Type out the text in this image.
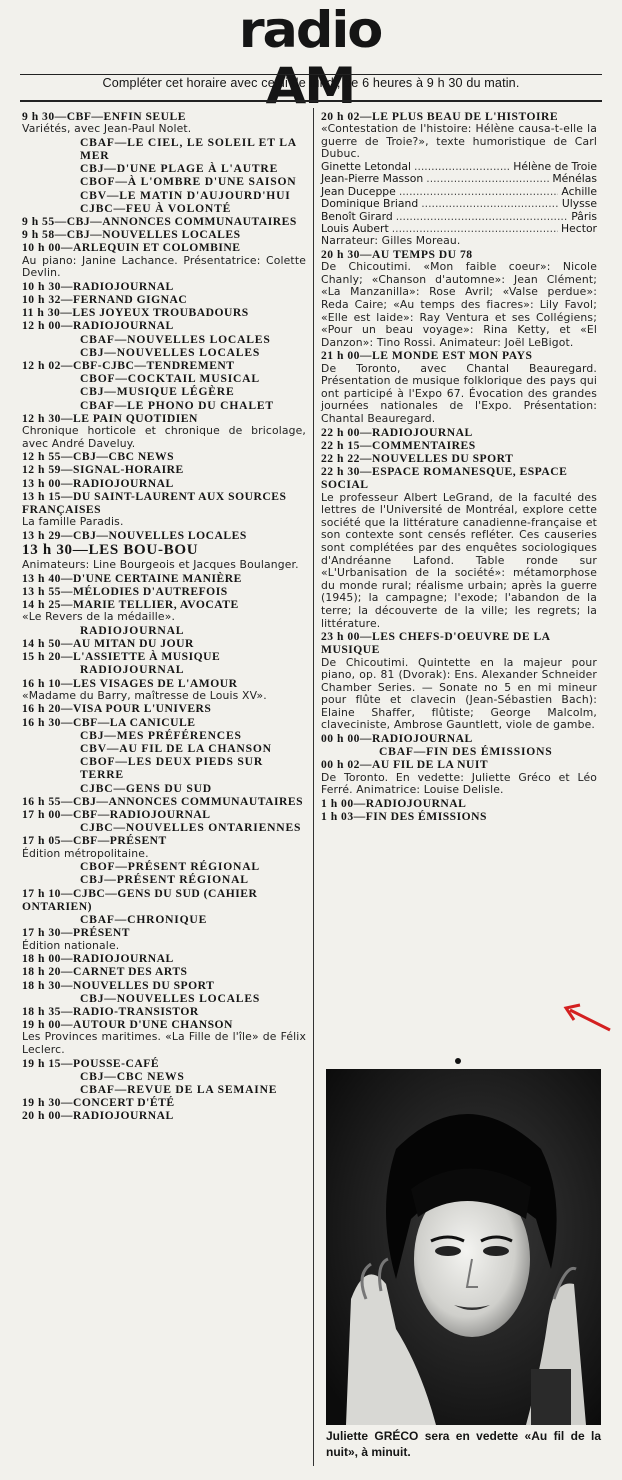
radio AM
Compléter cet horaire avec celui de lundi, de 6 heures à 9 h 30 du matin.
9 h 30—CBF—ENFIN SEULE
Variétés, avec Jean-Paul Nolet.
CBAF—LE CIEL, LE SOLEIL ET LA MER
CBJ—D'UNE PLAGE À L'AUTRE
CBOF—À L'OMBRE D'UNE SAISON
CBV—LE MATIN D'AUJOURD'HUI
CJBC—FEU À VOLONTÉ
9 h 55—CBJ—ANNONCES COMMUNAUTAIRES
9 h 58—CBJ—NOUVELLES LOCALES
10 h 00—ARLEQUIN ET COLOMBINE
Au piano: Janine Lachance. Présentatrice: Colette Devlin.
10 h 30—RADIOJOURNAL
10 h 32—FERNAND GIGNAC
11 h 30—LES JOYEUX TROUBADOURS
12 h 00—RADIOJOURNAL
CBAF—NOUVELLES LOCALES
CBJ—NOUVELLES LOCALES
12 h 02—CBF-CJBC—TENDREMENT
CBOF—COCKTAIL MUSICAL
CBJ—MUSIQUE LÉGÈRE
CBAF—LE PHONO DU CHALET
12 h 30—LE PAIN QUOTIDIEN
Chronique horticole et chronique de bricolage, avec André Daveluy.
12 h 55—CBJ—CBC NEWS
12 h 59—SIGNAL-HORAIRE
13 h 00—RADIOJOURNAL
13 h 15—DU SAINT-LAURENT AUX SOURCES FRANÇAISES
La famille Paradis.
13 h 29—CBJ—NOUVELLES LOCALES
13 h 30—LES BOU-BOU
Animateurs: Line Bourgeois et Jacques Boulanger.
13 h 40—D'UNE CERTAINE MANIÈRE
13 h 55—MÉLODIES D'AUTREFOIS
14 h 25—MARIE TELLIER, AVOCATE
«Le Revers de la médaille».
RADIOJOURNAL
14 h 50—AU MITAN DU JOUR
15 h 20—L'ASSIETTE À MUSIQUE
RADIOJOURNAL
16 h 10—LES VISAGES DE L'AMOUR
«Madame du Barry, maîtresse de Louis XV».
16 h 20—VISA POUR L'UNIVERS
16 h 30—CBF—LA CANICULE
CBJ—MES PRÉFÉRENCES
CBV—AU FIL DE LA CHANSON
CBOF—LES DEUX PIEDS SUR TERRE
CJBC—GENS DU SUD
16 h 55—CBJ—ANNONCES COMMUNAUTAIRES
17 h 00—CBF—RADIOJOURNAL
CJBC—NOUVELLES ONTARIENNES
17 h 05—CBF—PRÉSENT
Édition métropolitaine.
CBOF—PRÉSENT RÉGIONAL
CBJ—PRÉSENT RÉGIONAL
17 h 10—CJBC—GENS DU SUD (CAHIER ONTARIEN)
CBAF—CHRONIQUE
17 h 30—PRÉSENT
Édition nationale.
18 h 00—RADIOJOURNAL
18 h 20—CARNET DES ARTS
18 h 30—NOUVELLES DU SPORT
CBJ—NOUVELLES LOCALES
18 h 35—RADIO-TRANSISTOR
19 h 00—AUTOUR D'UNE CHANSON
Les Provinces maritimes. «La Fille de l'île» de Félix Leclerc.
19 h 15—POUSSE-CAFÉ
CBJ—CBC NEWS
CBAF—REVUE DE LA SEMAINE
19 h 30—CONCERT D'ÉTÉ
20 h 00—RADIOJOURNAL
20 h 02—LE PLUS BEAU DE L'HISTOIRE
«Contestation de l'histoire: Hélène causa-t-elle la guerre de Troie?», texte humoristique de Carl Dubuc.
Ginette Letondal .....	Hélène de Troie
Jean-Pierre Masson .....	Ménélas
Jean Duceppe .....	Achille
Dominique Briand .....	Ulysse
Benoît Girard .....	Pâris
Louis Aubert .....	Hector
Narrateur: Gilles Moreau.
20 h 30—AU TEMPS DU 78
De Chicoutimi. «Mon faible coeur»: Nicole Chanly; «Chanson d'automne»: Jean Clément; «La Manzanilla»: Rose Avril; «Valse perdue»: Reda Caire; «Au temps des fiacres»: Lily Favol; «Elle est laide»: Ray Ventura et ses Collégiens; «Pour un beau voyage»: Rina Ketty, et «El Danzon»: Tino Rossi. Animateur: Joël LeBigot.
21 h 00—LE MONDE EST MON PAYS
De Toronto, avec Chantal Beauregard. Présentation de musique folklorique des pays qui ont participé à l'Expo 67. Évocation des grandes journées nationales de l'Expo. Présentation: Chantal Beauregard.
22 h 00—RADIOJOURNAL
22 h 15—COMMENTAIRES
22 h 22—NOUVELLES DU SPORT
22 h 30—ESPACE ROMANESQUE, ESPACE SOCIAL
Le professeur Albert LeGrand, de la faculté des lettres de l'Université de Montréal, explore cette société que la littérature canadienne-française et son contexte sont censés refléter. Ces causeries sont complétées par des enquêtes sociologiques d'Andréanne Lafond. Table ronde sur «L'Urbanisation de la société»: métamorphose du monde rural; réalisme urbain; après la guerre (1945); la campagne; l'exode; l'abandon de la terre; la découverte de la ville; les regrets; la littérature.
23 h 00—LES CHEFS-D'OEUVRE DE LA MUSIQUE
De Chicoutimi. Quintette en la majeur pour piano, op. 81 (Dvorak): Ens. Alexander Schneider Chamber Series. — Sonate no 5 en mi mineur pour flûte et clavecin (Jean-Sébastien Bach): Elaine Shaffer, flûtiste; George Malcolm, claveciniste, Ambrose Gauntlett, viole de gambe.
00 h 00—RADIOJOURNAL
CBAF—FIN DES ÉMISSIONS
00 h 02—AU FIL DE LA NUIT
De Toronto. En vedette: Juliette Gréco et Léo Ferré. Animatrice: Louise Delisle.
1 h 00—RADIOJOURNAL
1 h 03—FIN DES ÉMISSIONS
Juliette GRÉCO sera en vedette «Au fil de la nuit», à minuit.
